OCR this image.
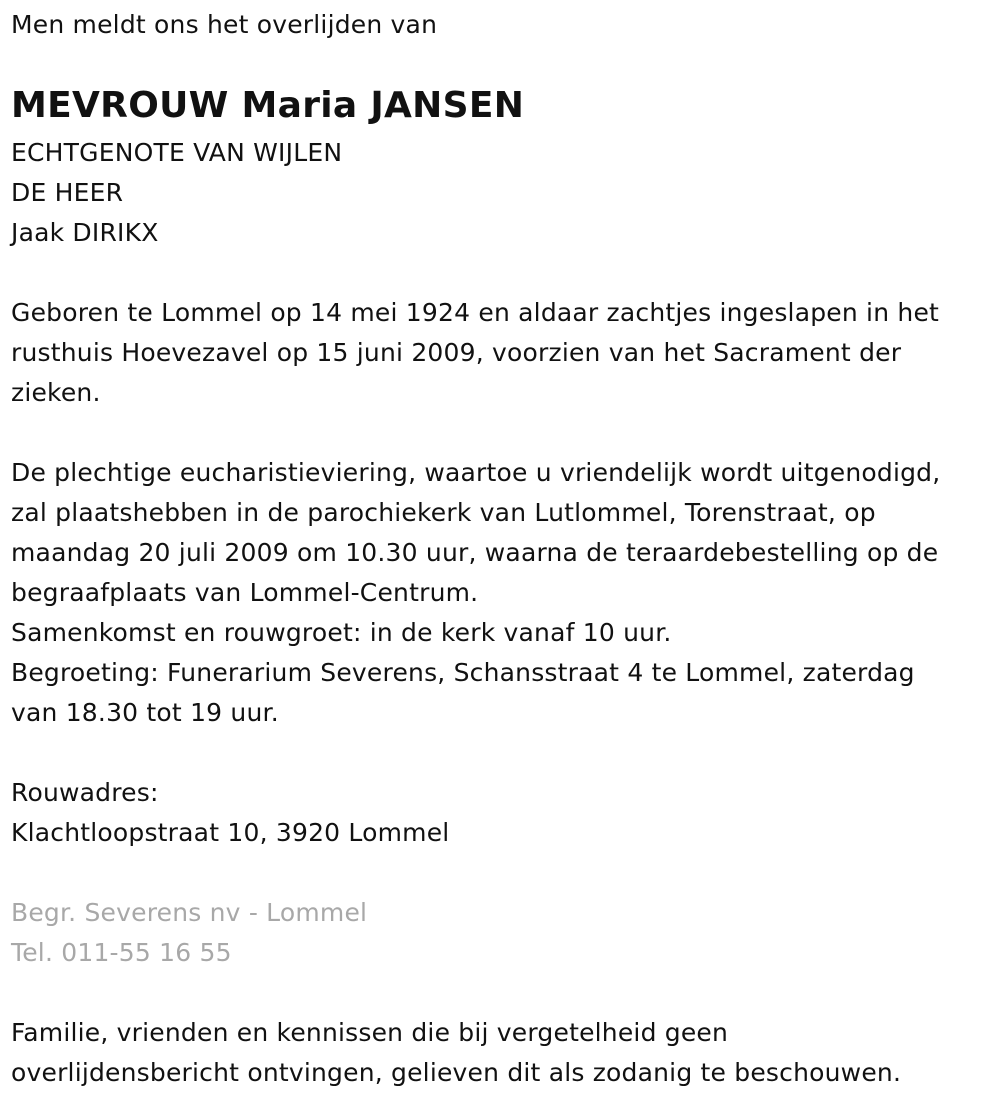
Men meldt ons het overlijden van
MEVROUW Maria JANSEN
ECHTGENOTE VAN WIJLEN
DE HEER
Jaak DIRIKX
Geboren te Lommel op 14 mei 1924 en aldaar zachtjes ingeslapen in het
rusthuis Hoevezavel op 15 juni 2009, voorzien van het Sacrament der
zieken.
De plechtige eucharistieviering, waartoe u vriendelijk wordt uitgenodigd,
zal plaatshebben in de parochiekerk van Lutlommel, Torenstraat, op
maandag 20 juli 2009 om 10.30 uur, waarna de teraardebestelling op de
begraafplaats van Lommel-Centrum.
Samenkomst en rouwgroet: in de kerk vanaf 10 uur.
Begroeting: Funerarium Severens, Schansstraat 4 te Lommel, zaterdag
van 18.30 tot 19 uur.
Rouwadres:
Klachtloopstraat 10, 3920 Lommel
Begr. Severens nv - Lommel
Tel. 011-55 16 55
Familie, vrienden en kennissen die bij vergetelheid geen
overlijdensbericht ontvingen, gelieven dit als zodanig te beschouwen.
